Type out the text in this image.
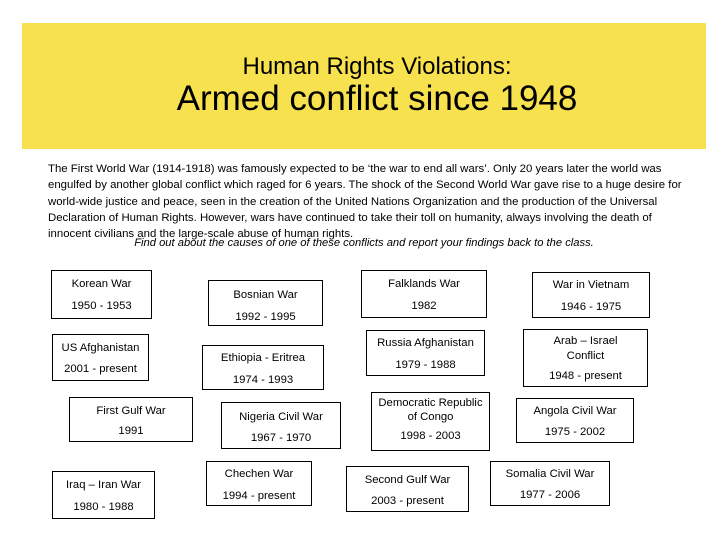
Human Rights Violations:
Armed conflict since 1948

The First World War (1914-1918) was famously expected to be ‘the war to end all wars’. Only 20 years later the world was engulfed by another global conflict which raged for 6 years. The shock of the Second World War gave rise to a huge desire for world-wide justice and peace, seen in the creation of the United Nations Organization and the production of the Universal Declaration of Human Rights. However, wars have continued to take their toll on humanity, always involving the death of innocent civilians and the large-scale abuse of human rights.

Find out about the causes of one of these conflicts and report your findings back to the class.

Korean War
1950 - 1953
Bosnian War
1992 - 1995
Falklands War
1982
War in Vietnam
1946 - 1975
US Afghanistan
2001 - present
Ethiopia - Eritrea
1974 - 1993
Russia Afghanistan
1979 - 1988
Arab – Israel Conflict
1948 - present
First Gulf War
1991
Nigeria Civil War
1967 - 1970
Democratic Republic of Congo
1998 - 2003
Angola Civil War
1975 - 2002
Iraq – Iran War
1980 - 1988
Chechen War
1994 - present
Second Gulf War
2003 - present
Somalia Civil War
1977 - 2006
